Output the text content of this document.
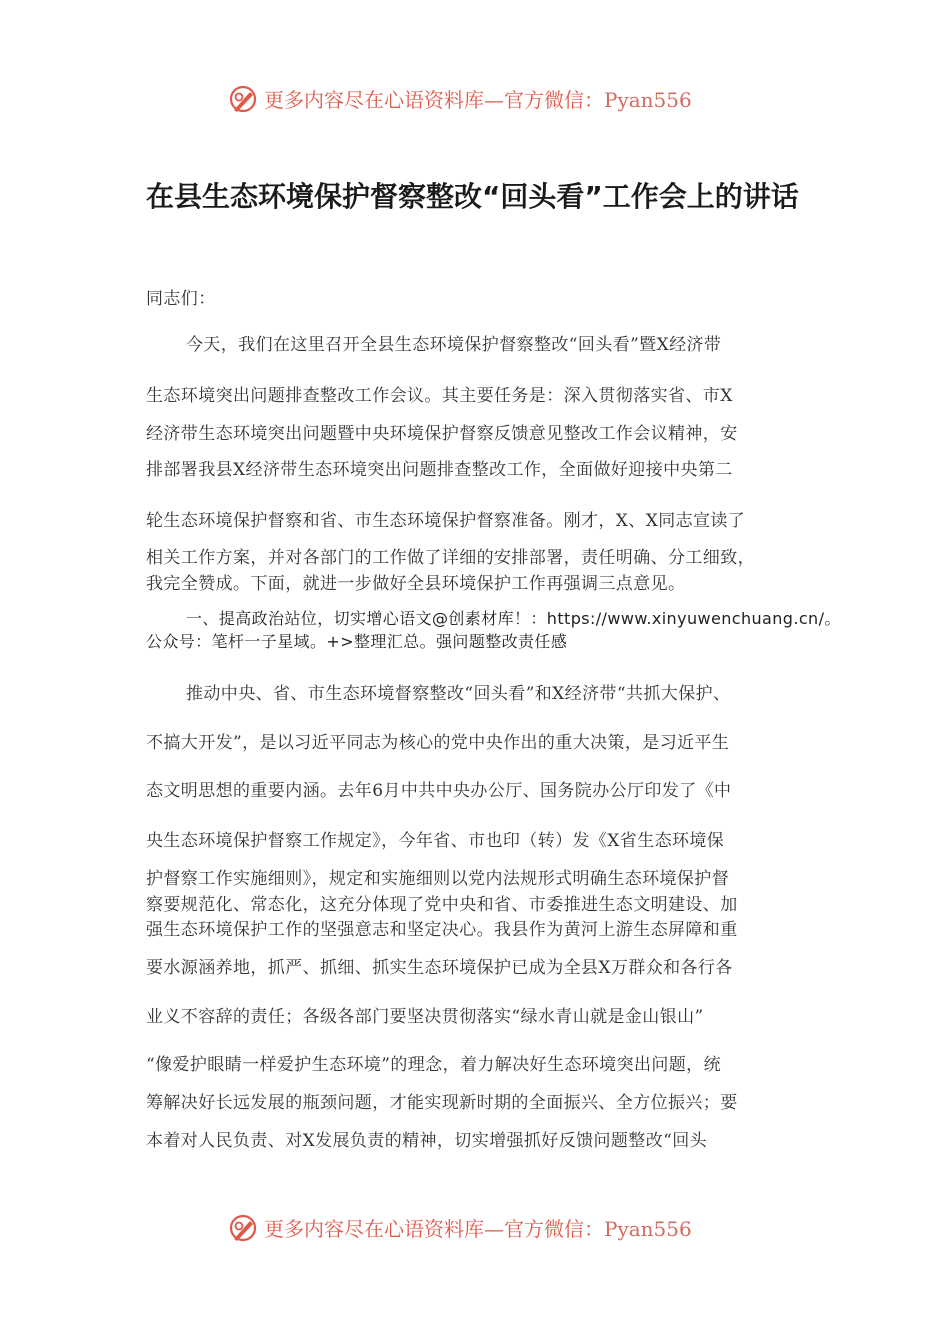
更多内容尽在心语资料库—官方微信：Pyan556
在县生态环境保护督察整改“回头看”工作会上的讲话
同志们：
今天，我们在这里召开全县生态环境保护督察整改“回头看”暨X经济带
生态环境突出问题排查整改工作会议。其主要任务是：深入贯彻落实省、市X
经济带生态环境突出问题暨中央环境保护督察反馈意见整改工作会议精神，安
排部署我县X经济带生态环境突出问题排查整改工作，全面做好迎接中央第二
轮生态环境保护督察和省、市生态环境保护督察准备。刚才，X、X同志宣读了
相关工作方案，并对各部门的工作做了详细的安排部署，责任明确、分工细致，
我完全赞成。下面，就进一步做好全县环境保护工作再强调三点意见。
一、提高政治站位，切实增心语文@创素材库！：https://www.xinyuwenchuang.cn/。
公众号：笔杆一子星域。+>整理汇总。强问题整改责任感
推动中央、省、市生态环境督察整改“回头看”和X经济带“共抓大保护、
不搞大开发”，是以习近平同志为核心的党中央作出的重大决策，是习近平生
态文明思想的重要内涵。去年6月中共中央办公厅、国务院办公厅印发了《中
央生态环境保护督察工作规定》，今年省、市也印（转）发《X省生态环境保
护督察工作实施细则》，规定和实施细则以党内法规形式明确生态环境保护督
察要规范化、常态化，这充分体现了党中央和省、市委推进生态文明建设、加
强生态环境保护工作的坚强意志和坚定决心。我县作为黄河上游生态屏障和重
要水源涵养地，抓严、抓细、抓实生态环境保护已成为全县X万群众和各行各
业义不容辞的责任；各级各部门要坚决贯彻落实“绿水青山就是金山银山”
“像爱护眼睛一样爱护生态环境”的理念，着力解决好生态环境突出问题，统
筹解决好长远发展的瓶颈问题，才能实现新时期的全面振兴、全方位振兴；要
本着对人民负责、对X发展负责的精神，切实增强抓好反馈问题整改“回头
更多内容尽在心语资料库—官方微信：Pyan556
